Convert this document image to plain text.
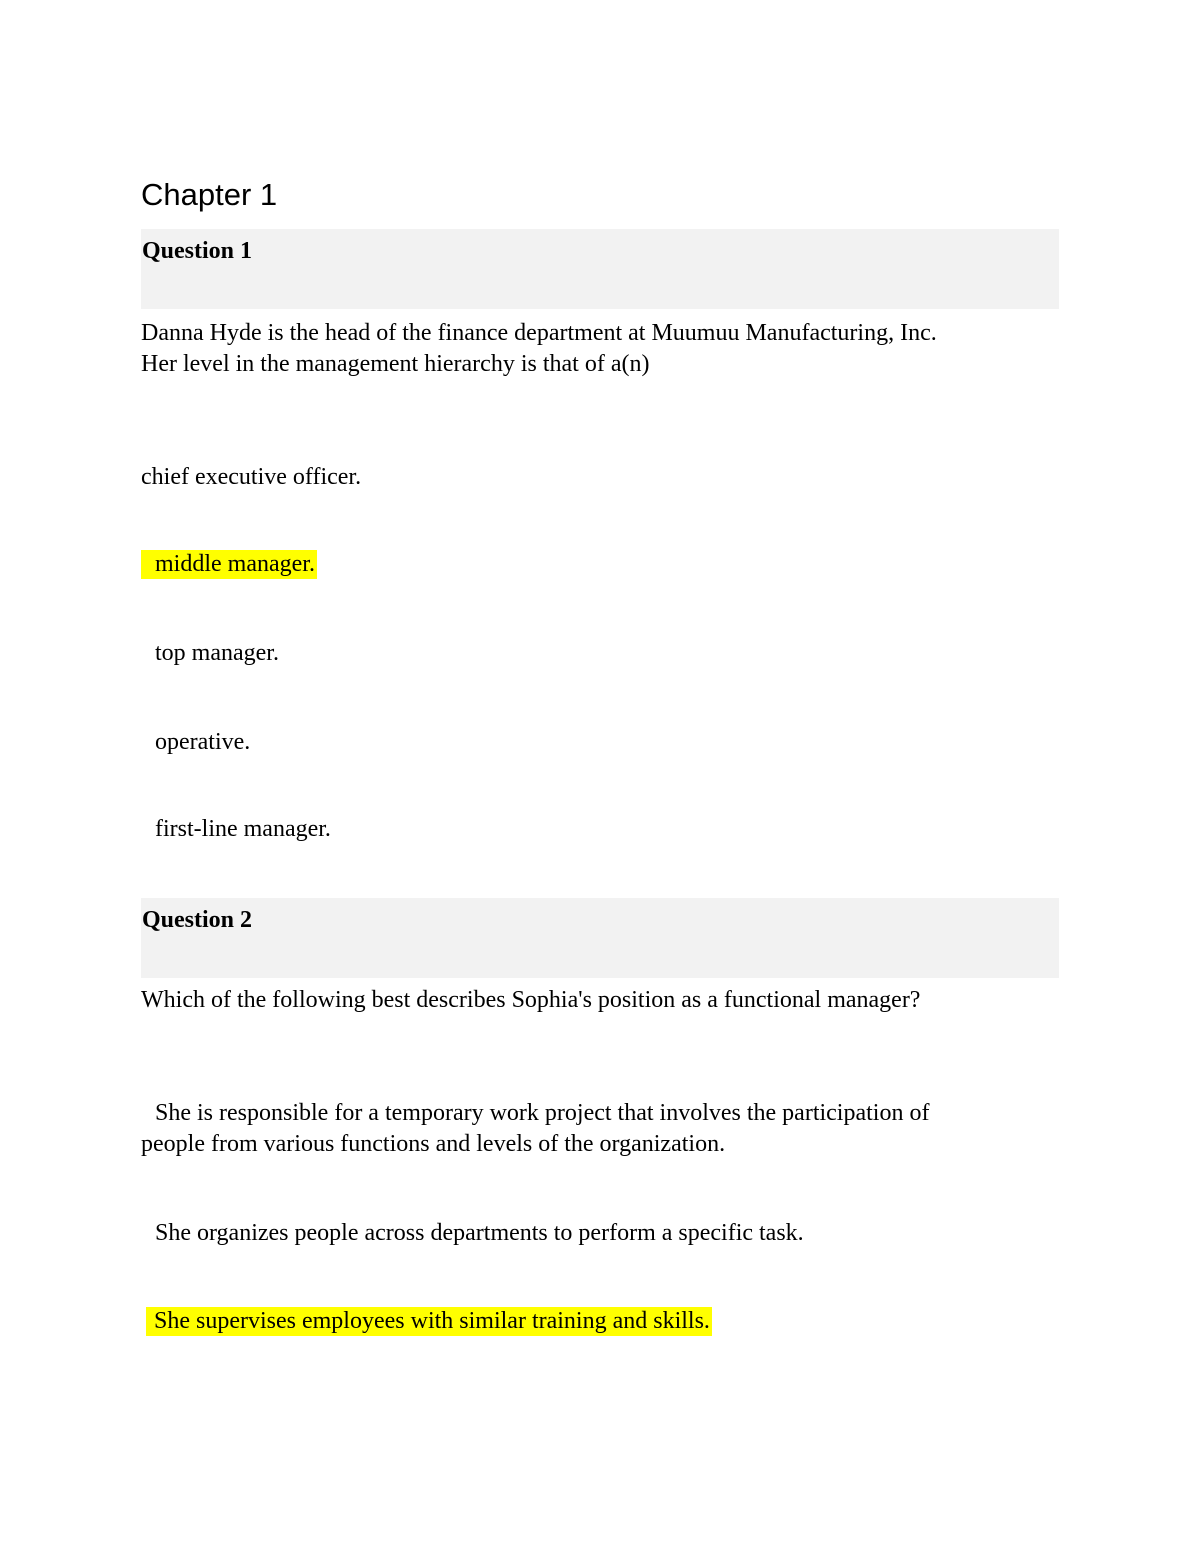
Chapter 1
Question 1
Danna Hyde is the head of the finance department at Muumuu Manufacturing, Inc.
Her level in the management hierarchy is that of a(n)
chief executive officer.
middle manager.
top manager.
operative.
first-line manager.
Question 2
Which of the following best describes Sophia's position as a functional manager?
She is responsible for a temporary work project that involves the participation of
people from various functions and levels of the organization.
She organizes people across departments to perform a specific task.
She supervises employees with similar training and skills.
